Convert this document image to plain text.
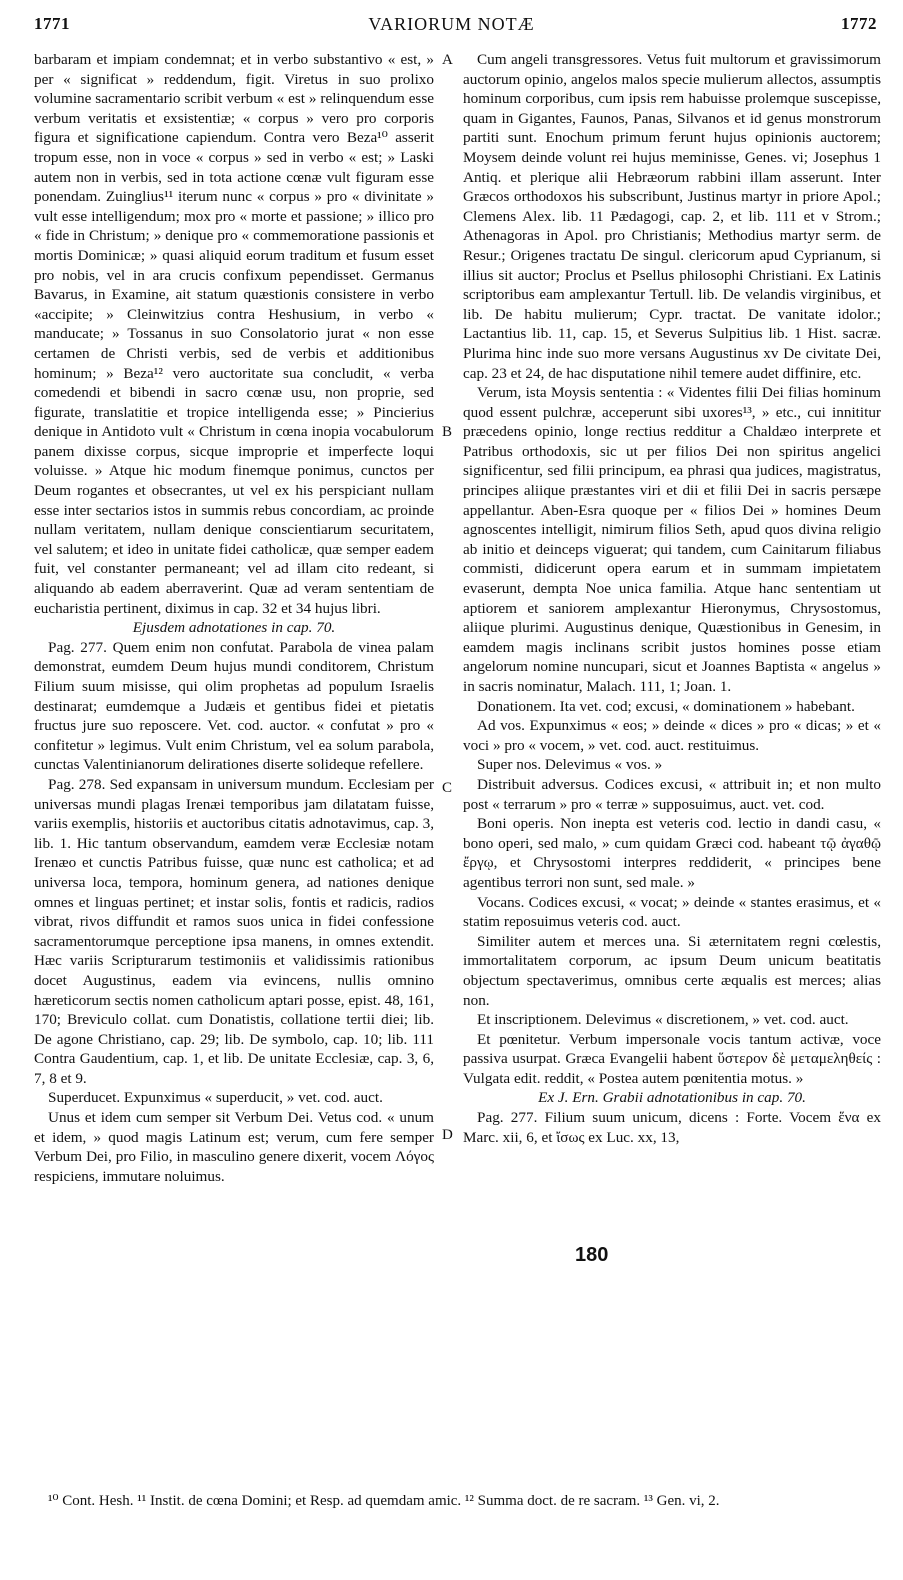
1771	VARIORUM NOTÆ	1772

barbaram et impiam condemnat; et in verbo substantivo « est, » per « significat » reddendum, figit. Viretus in suo prolixo volumine sacramentario scribit verbum « est » relinquendum esse verbum veritatis et exsistentiæ; « corpus » vero pro corporis figura et significatione capiendum. Contra vero Beza¹⁰ asserit tropum esse, non in voce « corpus » sed in verbo « est; » Laski autem non in verbis, sed in tota actione cœnæ vult figuram esse ponendam. Zuinglius¹¹ iterum nunc « corpus » pro « divinitate » vult esse intelligendum; mox pro « morte et passione; » illico pro « fide in Christum; » denique pro « commemoratione passionis et mortis Dominicæ; » quasi aliquid eorum traditum et fusum esset pro nobis, vel in ara crucis confixum pependisset. Germanus Bavarus, in Examine, ait statum quæstionis consistere in verbo «accipite; » Cleinwitzius contra Heshusium, in verbo « manducate; » Tossanus in suo Consolatorio jurat « non esse certamen de Christi verbis, sed de verbis et additionibus hominum; » Beza¹² vero auctoritate sua concludit, « verba comedendi et bibendi in sacro cœnæ usu, non proprie, sed figurate, translatitie et tropice intelligenda esse; » Pincierius denique in Antidoto vult « Christum in cœna inopia vocabulorum panem dixisse corpus, sicque improprie et imperfecte loqui voluisse. » Atque hic modum finemque ponimus, cunctos per Deum rogantes et obsecrantes, ut vel ex his perspiciant nullam esse inter sectarios istos in summis rebus concordiam, ac proinde nullam veritatem, nullam denique conscientiarum securitatem, vel salutem; et ideo in unitate fidei catholicæ, quæ semper eadem fuit, vel constanter permaneant; vel ad illam cito redeant, si aliquando ab eadem aberraverint. Quæ ad veram sententiam de eucharistia pertinent, diximus in cap. 32 et 34 hujus libri.

Ejusdem adnotationes in cap. 70.

Pag. 277. Quem enim non confutat. Parabola de vinea palam demonstrat, eumdem Deum hujus mundi conditorem, Christum Filium suum misisse, qui olim prophetas ad populum Israelis destinarat; eumdemque a Judæis et gentibus fidei et pietatis fructus jure suo reposcere. Vet. cod. auctor. « confutat » pro « confitetur » legimus. Vult enim Christum, vel ea solum parabola, cunctas Valentinianorum delirationes diserte solideque refellere.

Pag. 278. Sed expansam in universum mundum. Ecclesiam per universas mundi plagas Irenæi temporibus jam dilatatam fuisse, variis exemplis, historiis et auctoribus citatis adnotavimus, cap. 3, lib. 1. Hic tantum observandum, eamdem veræ Ecclesiæ notam Irenæo et cunctis Patribus fuisse, quæ nunc est catholica; et ad universa loca, tempora, hominum genera, ad nationes denique omnes et linguas pertinet; et instar solis, fontis et radicis, radios vibrat, rivos diffundit et ramos suos unica in fidei confessione sacramentorumque perceptione ipsa manens, in omnes extendit. Hæc variis Scripturarum testimoniis et validissimis rationibus docet Augustinus, eadem via evincens, nullis omnino hæreticorum sectis nomen catholicum aptari posse, epist. 48, 161, 170; Breviculo collat. cum Donatistis, collatione tertii diei; lib. De agone Christiano, cap. 29; lib. De symbolo, cap. 10; lib. 111 Contra Gaudentium, cap. 1, et lib. De unitate Ecclesiæ, cap. 3, 6, 7, 8 et 9.

Superducet. Expunximus « superducit, » vet. cod. auct.

Unus et idem cum semper sit Verbum Dei. Vetus cod. « unum et idem, » quod magis Latinum est; verum, cum fere semper Verbum Dei, pro Filio, in masculino genere dixerit, vocem Λόγος respiciens, immutare noluimus.

A
B
C
D

Cum angeli transgressores. Vetus fuit multorum et gravissimorum auctorum opinio, angelos malos specie mulierum allectos, assumptis hominum corporibus, cum ipsis rem habuisse prolemque suscepisse, quam in Gigantes, Faunos, Panas, Silvanos et id genus monstrorum partiti sunt. Enochum primum ferunt hujus opinionis auctorem; Moysem deinde volunt rei hujus meminisse, Genes. vi; Josephus 1 Antiq. et plerique alii Hebræorum rabbini illam asserunt. Inter Græcos orthodoxos his subscribunt, Justinus martyr in priore Apol.; Clemens Alex. lib. 11 Pædagogi, cap. 2, et lib. 111 et v Strom.; Athenagoras in Apol. pro Christianis; Methodius martyr serm. de Resur.; Origenes tractatu De singul. clericorum apud Cyprianum, si illius sit auctor; Proclus et Psellus philosophi Christiani. Ex Latinis scriptoribus eam amplexantur Tertull. lib. De velandis virginibus, et lib. De habitu mulierum; Cypr. tractat. De vanitate idolor.; Lactantius lib. 11, cap. 15, et Severus Sulpitius lib. 1 Hist. sacræ. Plurima hinc inde suo more versans Augustinus xv De civitate Dei, cap. 23 et 24, de hac disputatione nihil temere audet diffinire, etc.

Verum, ista Moysis sententia : « Videntes filii Dei filias hominum quod essent pulchræ, acceperunt sibi uxores¹³, » etc., cui innititur præcedens opinio, longe rectius redditur a Chaldæo interprete et Patribus orthodoxis, sic ut per filios Dei non spiritus angelici significentur, sed filii principum, ea phrasi qua judices, magistratus, principes aliique præstantes viri et dii et filii Dei in sacris persæpe appellantur. Aben-Esra quoque per « filios Dei » homines Deum agnoscentes intelligit, nimirum filios Seth, apud quos divina religio ab initio et deinceps viguerat; qui tandem, cum Cainitarum filiabus commisti, didicerunt opera earum et in summam impietatem evaserunt, dempta Noe unica familia. Atque hanc sententiam ut aptiorem et saniorem amplexantur Hieronymus, Chrysostomus, aliique plurimi. Augustinus denique, Quæstionibus in Genesim, in eamdem magis inclinans scribit justos homines posse etiam angelorum nomine nuncupari, sicut et Joannes Baptista « angelus » in sacris nominatur, Malach. 111, 1; Joan. 1.

Donationem. Ita vet. cod; excusi, « dominationem » habebant.

Ad vos. Expunximus « eos; » deinde « dices » pro « dicas; » et « voci » pro « vocem, » vet. cod. auct. restituimus.

Super nos. Delevimus « vos. »

Distribuit adversus. Codices excusi, « attribuit in; et non multo post « terrarum » pro « terræ » supposuimus, auct. vet. cod.

Boni operis. Non inepta est veteris cod. lectio in dandi casu, « bono operi, sed malo, » cum quidam Græci cod. habeant τῷ ἀγαθῷ ἔργῳ, et Chrysostomi interpres reddiderit, « principes bene agentibus terrori non sunt, sed male. »

Vocans. Codices excusi, « vocat; » deinde « stantes erasimus, et « statim reposuimus veteris cod. auct.

Similiter autem et merces una. Si æternitatem regni cœlestis, immortalitatem corporum, ac ipsum Deum unicum beatitatis objectum spectaverimus, omnibus certe æqualis est merces; alias non.

Et inscriptionem. Delevimus « discretionem, » vet. cod. auct.

Et pœnitetur. Verbum impersonale vocis tantum activæ, voce passiva usurpat. Græca Evangelii habent ὕστερον δὲ μεταμεληθείς : Vulgata edit. reddit, « Postea autem pœnitentia motus. »

Ex J. Ern. Grabii adnotationibus in cap. 70.

Pag. 277. Filium suum unicum, dicens : Forte. Vocem ἕνα ex Marc. xii, 6, et ἴσως ex Luc. xx, 13,

180

¹⁰ Cont. Hesh. ¹¹ Instit. de cœna Domini; et Resp. ad quemdam amic. ¹² Summa doct. de re sacram. ¹³ Gen. vi, 2.
